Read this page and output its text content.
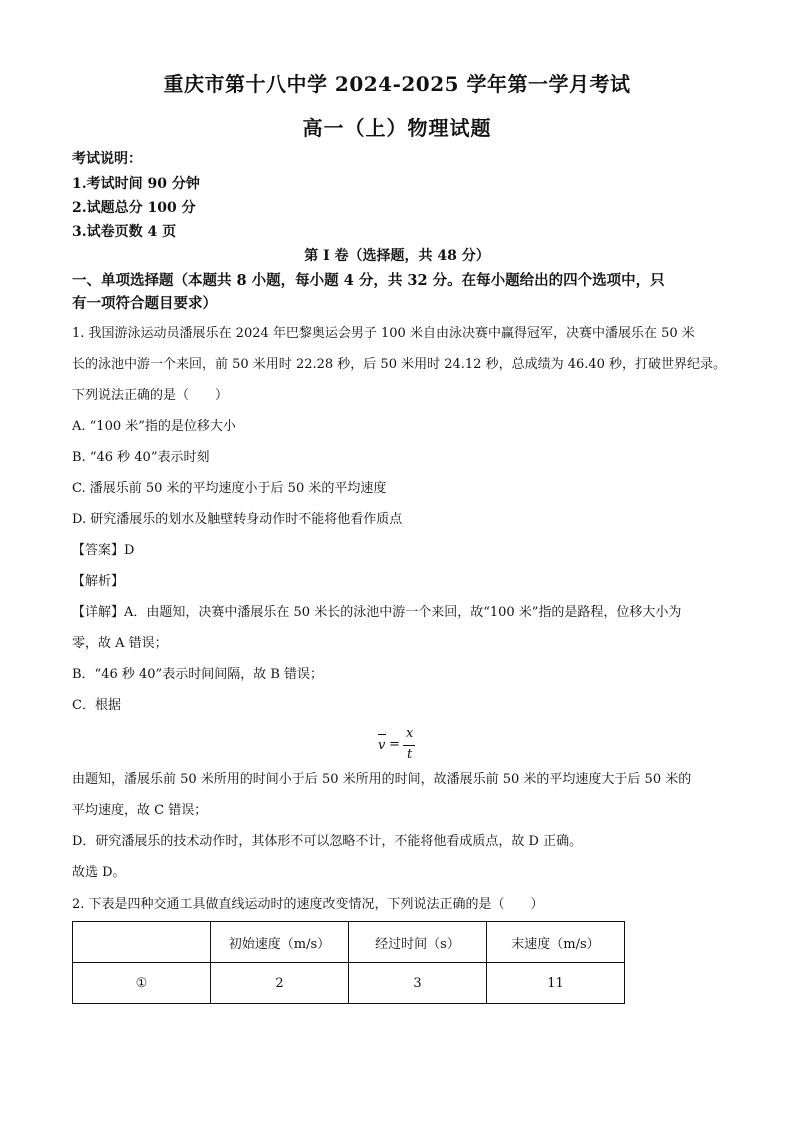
重庆市第十八中学 2024-2025 学年第一学月考试
高一（上）物理试题
考试说明：
1.考试时间 90 分钟
2.试题总分 100 分
3.试卷页数 4 页
第 I 卷（选择题，共 48 分）
一、单项选择题（本题共 8 小题，每小题 4 分，共 32 分。在每小题给出的四个选项中，只
有一项符合题目要求）
1. 我国游泳运动员潘展乐在 2024 年巴黎奥运会男子 100 米自由泳决赛中赢得冠军，决赛中潘展乐在 50 米
长的泳池中游一个来回，前 50 米用时 22.28 秒，后 50 米用时 24.12 秒，总成绩为 46.40 秒，打破世界纪录。
下列说法正确的是（　　）
A. “100 米”指的是位移大小
B. “46 秒 40”表示时刻
C. 潘展乐前 50 米的平均速度小于后 50 米的平均速度
D. 研究潘展乐的划水及触壁转身动作时不能将他看作质点
【答案】D
【解析】
【详解】A．由题知，决赛中潘展乐在 50 米长的泳池中游一个来回，故“100 米”指的是路程，位移大小为
零，故 A 错误；
B．“46 秒 40”表示时间间隔，故 B 错误；
C．根据
v =
x
t
由题知，潘展乐前 50 米所用的时间小于后 50 米所用的时间，故潘展乐前 50 米的平均速度大于后 50 米的
平均速度，故 C 错误；
D．研究潘展乐的技术动作时，其体形不可以忽略不计，不能将他看成质点，故 D 正确。
故选 D。
2. 下表是四种交通工具做直线运动时的速度改变情况，下列说法正确的是（　　）
	初始速度（m/s）	经过时间（s）	末速度（m/s）
①	2	3	11
